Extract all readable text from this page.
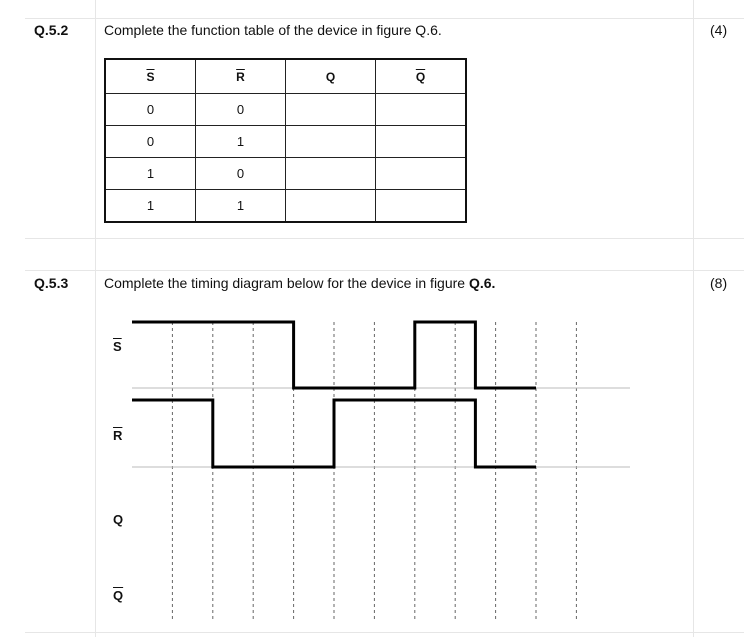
Q.5.2	Complete the function table of the device in figure Q.6.	(4)
$\overline{S}$	$\overline{R}$	Q	$\overline{Q}$
0	0		
0	1		
1	0		
1	1		
Q.5.3	Complete the timing diagram below for the device in figure Q.6.	(8)
$\overline{S}$
$\overline{R}$
Q
$\overline{Q}$
